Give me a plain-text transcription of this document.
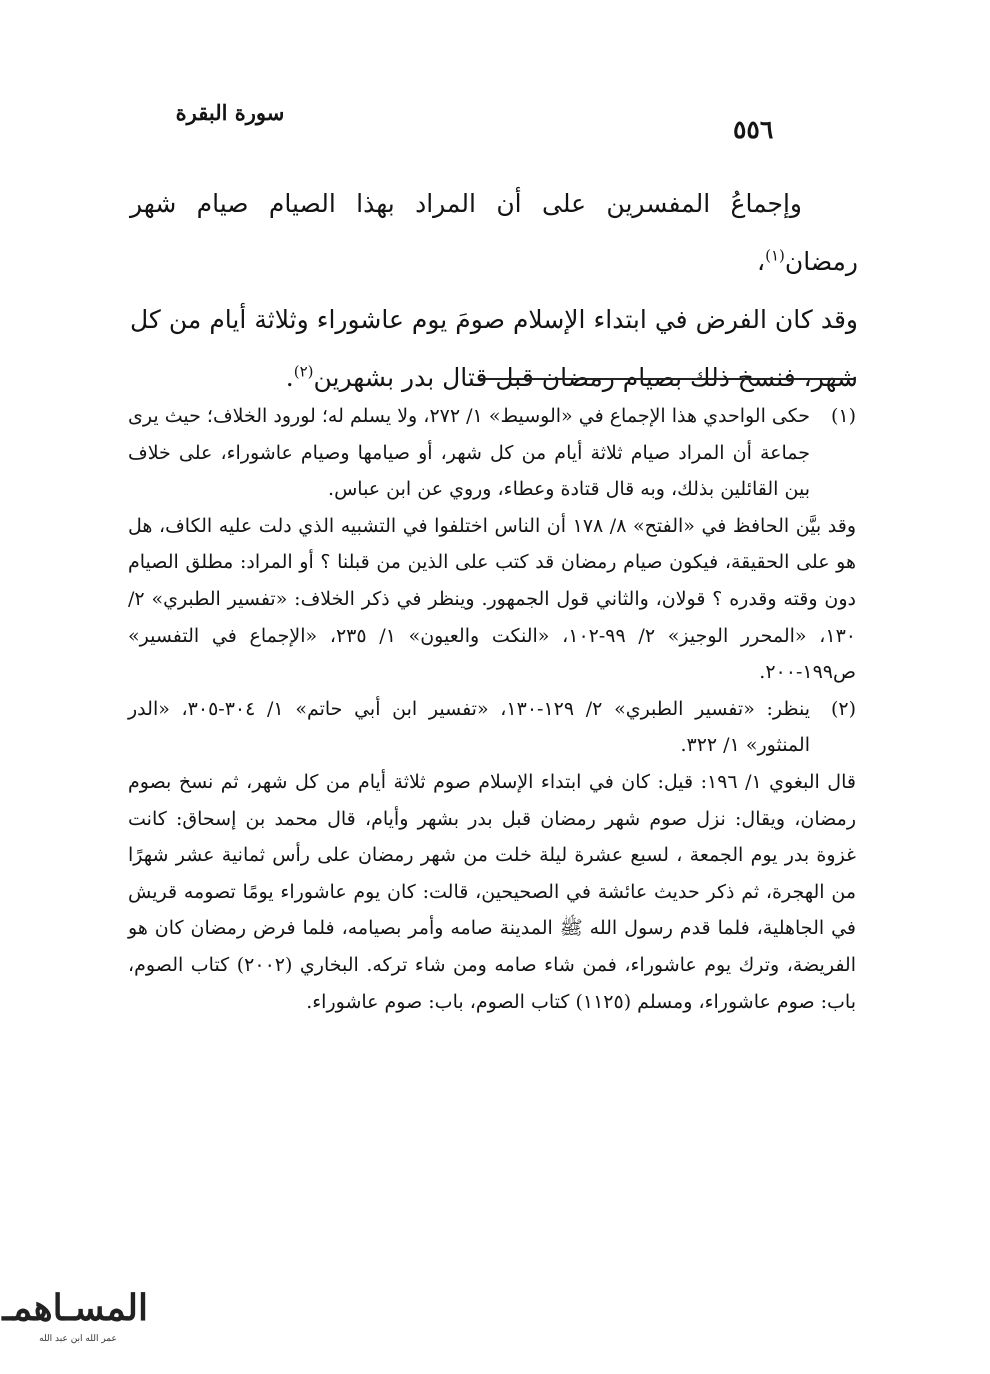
سورة البقرة
٥٥٦

وإجماعُ المفسرين على أن المراد بهذا الصيام صيام شهر رمضان$^{(١)}$،

وقد كان الفرض في ابتداء الإسلام صومَ يوم عاشوراء وثلاثة أيام من كل شهر، فنسخ ذلك بصيام رمضان قبل قتال بدر بشهرين$^{(٢)}$.

(١)
حكى الواحدي هذا الإجماع في «الوسيط» ١/ ٢٧٢، ولا يسلم له؛ لورود الخلاف؛ حيث يرى جماعة أن المراد صيام ثلاثة أيام من كل شهر، أو صيامها وصيام عاشوراء، على خلاف بين القائلين بذلك، وبه قال قتادة وعطاء، وروي عن ابن عباس.

وقد بيَّن الحافظ في «الفتح» ٨/ ١٧٨ أن الناس اختلفوا في التشبيه الذي دلت عليه الكاف، هل هو على الحقيقة، فيكون صيام رمضان قد كتب على الذين من قبلنا ؟ أو المراد: مطلق الصيام دون وقته وقدره ؟ قولان، والثاني قول الجمهور. وينظر في ذكر الخلاف: «تفسير الطبري» ٢/ ١٣٠، «المحرر الوجيز» ٢/ ٩٩-١٠٢، «النكت والعيون» ١/ ٢٣٥، «الإجماع في التفسير» ص١٩٩-٢٠٠.

(٢)
ينظر: «تفسير الطبري» ٢/ ١٢٩-١٣٠، «تفسير ابن أبي حاتم» ١/ ٣٠٤-٣٠٥، «الدر المنثور» ١/ ٣٢٢.

قال البغوي ١/ ١٩٦: قيل: كان في ابتداء الإسلام صوم ثلاثة أيام من كل شهر، ثم نسخ بصوم رمضان، ويقال: نزل صوم شهر رمضان قبل بدر بشهر وأيام، قال محمد بن إسحاق: كانت غزوة بدر يوم الجمعة ، لسبع عشرة ليلة خلت من شهر رمضان على رأس ثمانية عشر شهرًا من الهجرة، ثم ذكر حديث عائشة في الصحيحين، قالت: كان يوم عاشوراء يومًا تصومه قريش في الجاهلية، فلما قدم رسول الله ﷺ المدينة صامه وأمر بصيامه، فلما فرض رمضان كان هو الفريضة، وترك يوم عاشوراء، فمن شاء صامه ومن شاء تركه. البخاري (٢٠٠٢) كتاب الصوم، باب: صوم عاشوراء، ومسلم (١١٢٥) كتاب الصوم، باب: صوم عاشوراء.

المسـاهمـ
عمر الله ابن عبد الله
